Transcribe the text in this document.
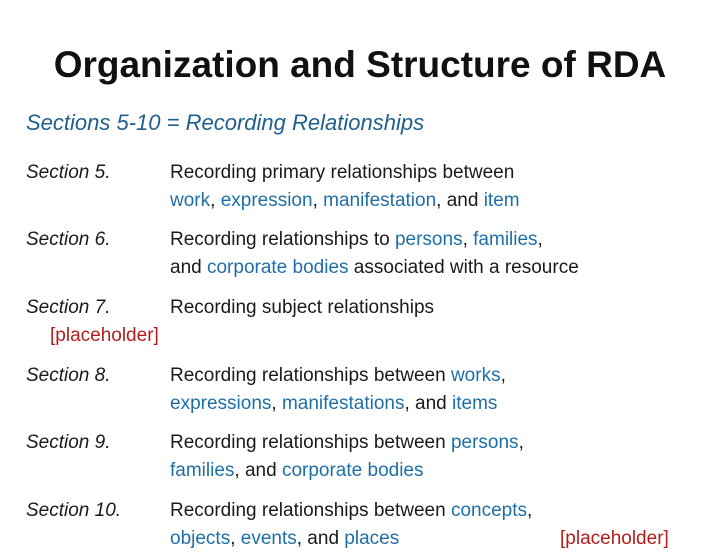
Organization and Structure of RDA
Sections 5-10 = Recording Relationships
Section 5.	Recording primary relationships between
work, expression, manifestation, and item
Section 6.	Recording relationships to persons, families,
and corporate bodies associated with a resource
Section 7.	Recording subject relationships
[placeholder]
Section 8.	Recording relationships between works,
expressions, manifestations, and items
Section 9.	Recording relationships between persons,
families, and corporate bodies
Section 10.	Recording relationships between concepts,
objects, events, and places	[placeholder]
